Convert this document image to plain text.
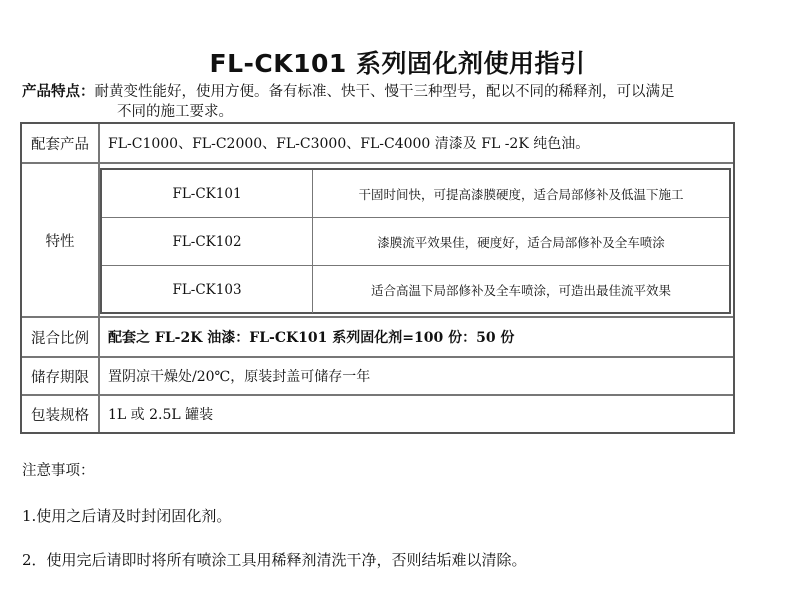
FL-CK101 系列固化剂使用指引
产品特点：耐黄变性能好，使用方便。备有标准、快干、慢干三种型号，配以不同的稀释剂，可以满足
不同的施工要求。
配套产品	FL-C1000、FL-C2000、FL-C3000、FL-C4000 清漆及 FL -2K 纯色油。
特性
FL-CK101	干固时间快，可提高漆膜硬度，适合局部修补及低温下施工
FL-CK102	漆膜流平效果佳，硬度好，适合局部修补及全车喷涂
FL-CK103	适合高温下局部修补及全车喷涂，可造出最佳流平效果
混合比例	配套之 FL-2K 油漆：FL-CK101 系列固化剂=100 份：50 份
储存期限	置阴凉干燥处/20℃，原装封盖可储存一年
包装规格	1L 或 2.5L 罐装
注意事项：
1.使用之后请及时封闭固化剂。
2．使用完后请即时将所有喷涂工具用稀释剂清洗干净，否则结垢难以清除。
